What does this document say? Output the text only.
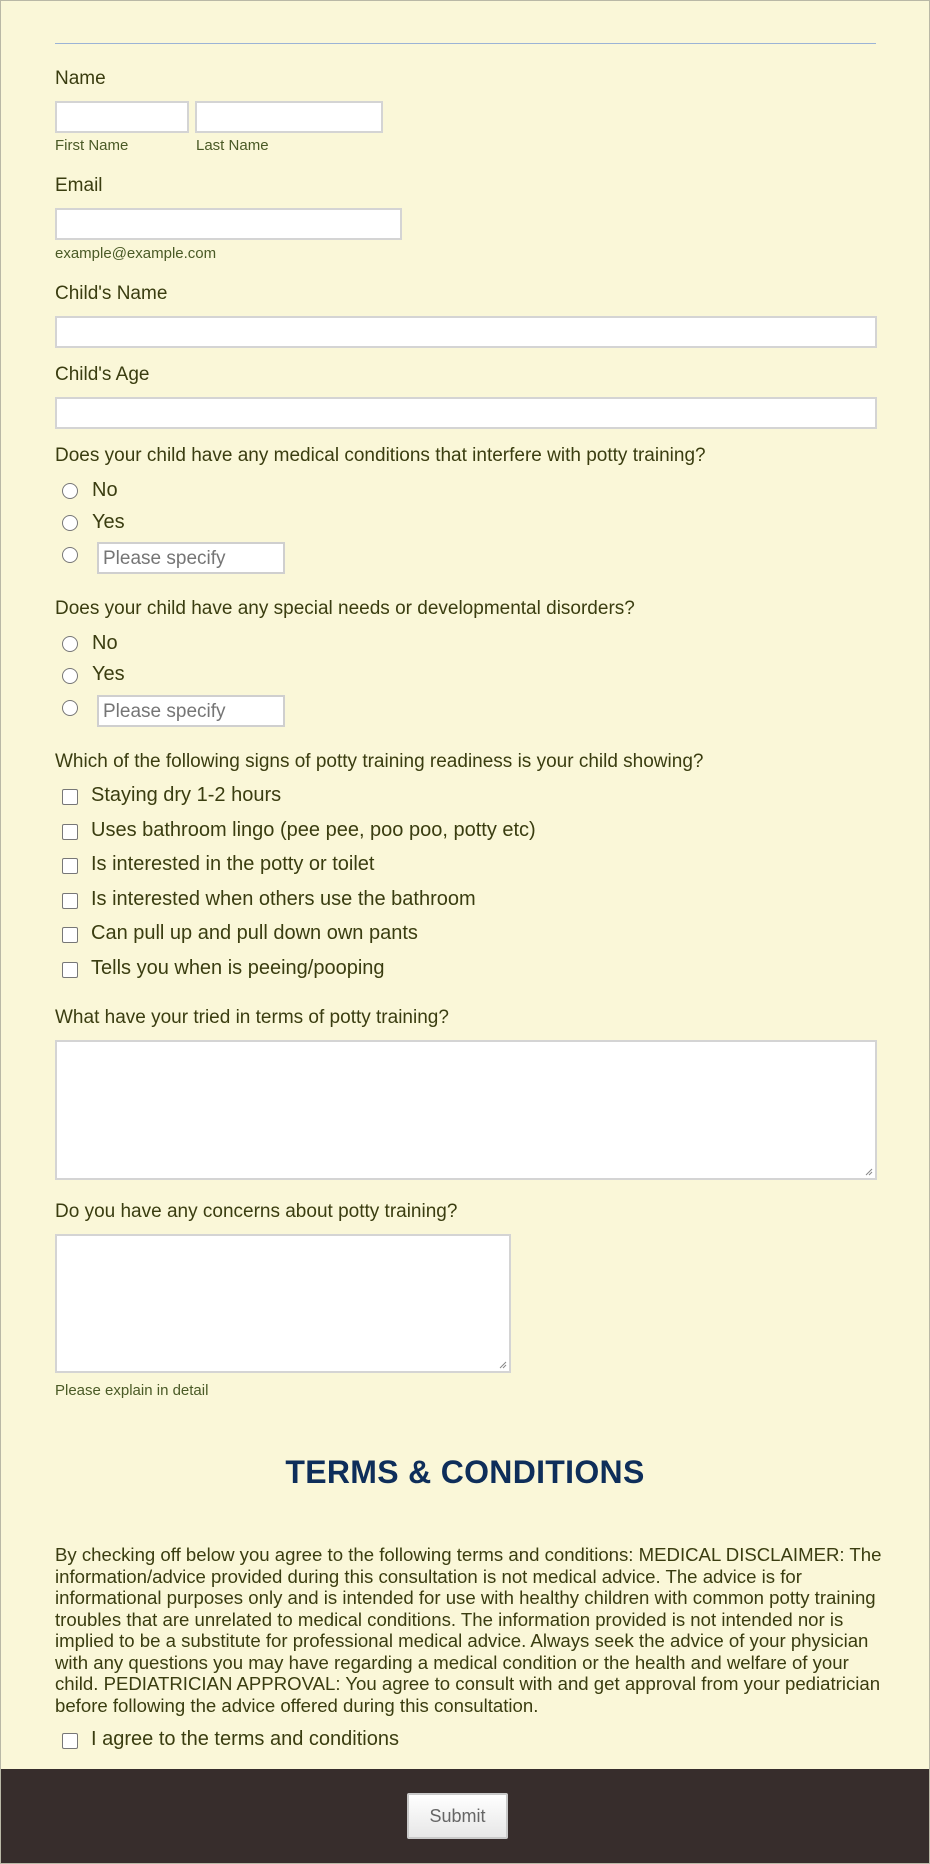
Name
First Name	Last Name
Email
example@example.com
Child's Name
Child's Age
Does your child have any medical conditions that interfere with potty training?
No
Yes
Please specify
Does your child have any special needs or developmental disorders?
No
Yes
Please specify
Which of the following signs of potty training readiness is your child showing?
Staying dry 1-2 hours
Uses bathroom lingo (pee pee, poo poo, potty etc)
Is interested in the potty or toilet
Is interested when others use the bathroom
Can pull up and pull down own pants
Tells you when is peeing/pooping
What have your tried in terms of potty training?
Do you have any concerns about potty training?
Please explain in detail
TERMS & CONDITIONS
By checking off below you agree to the following terms and conditions: MEDICAL DISCLAIMER: The information/advice provided during this consultation is not medical advice. The advice is for informational purposes only and is intended for use with healthy children with common potty training troubles that are unrelated to medical conditions. The information provided is not intended nor is implied to be a substitute for professional medical advice. Always seek the advice of your physician with any questions you may have regarding a medical condition or the health and welfare of your child. PEDIATRICIAN APPROVAL: You agree to consult with and get approval from your pediatrician before following the advice offered during this consultation.
I agree to the terms and conditions
Submit
